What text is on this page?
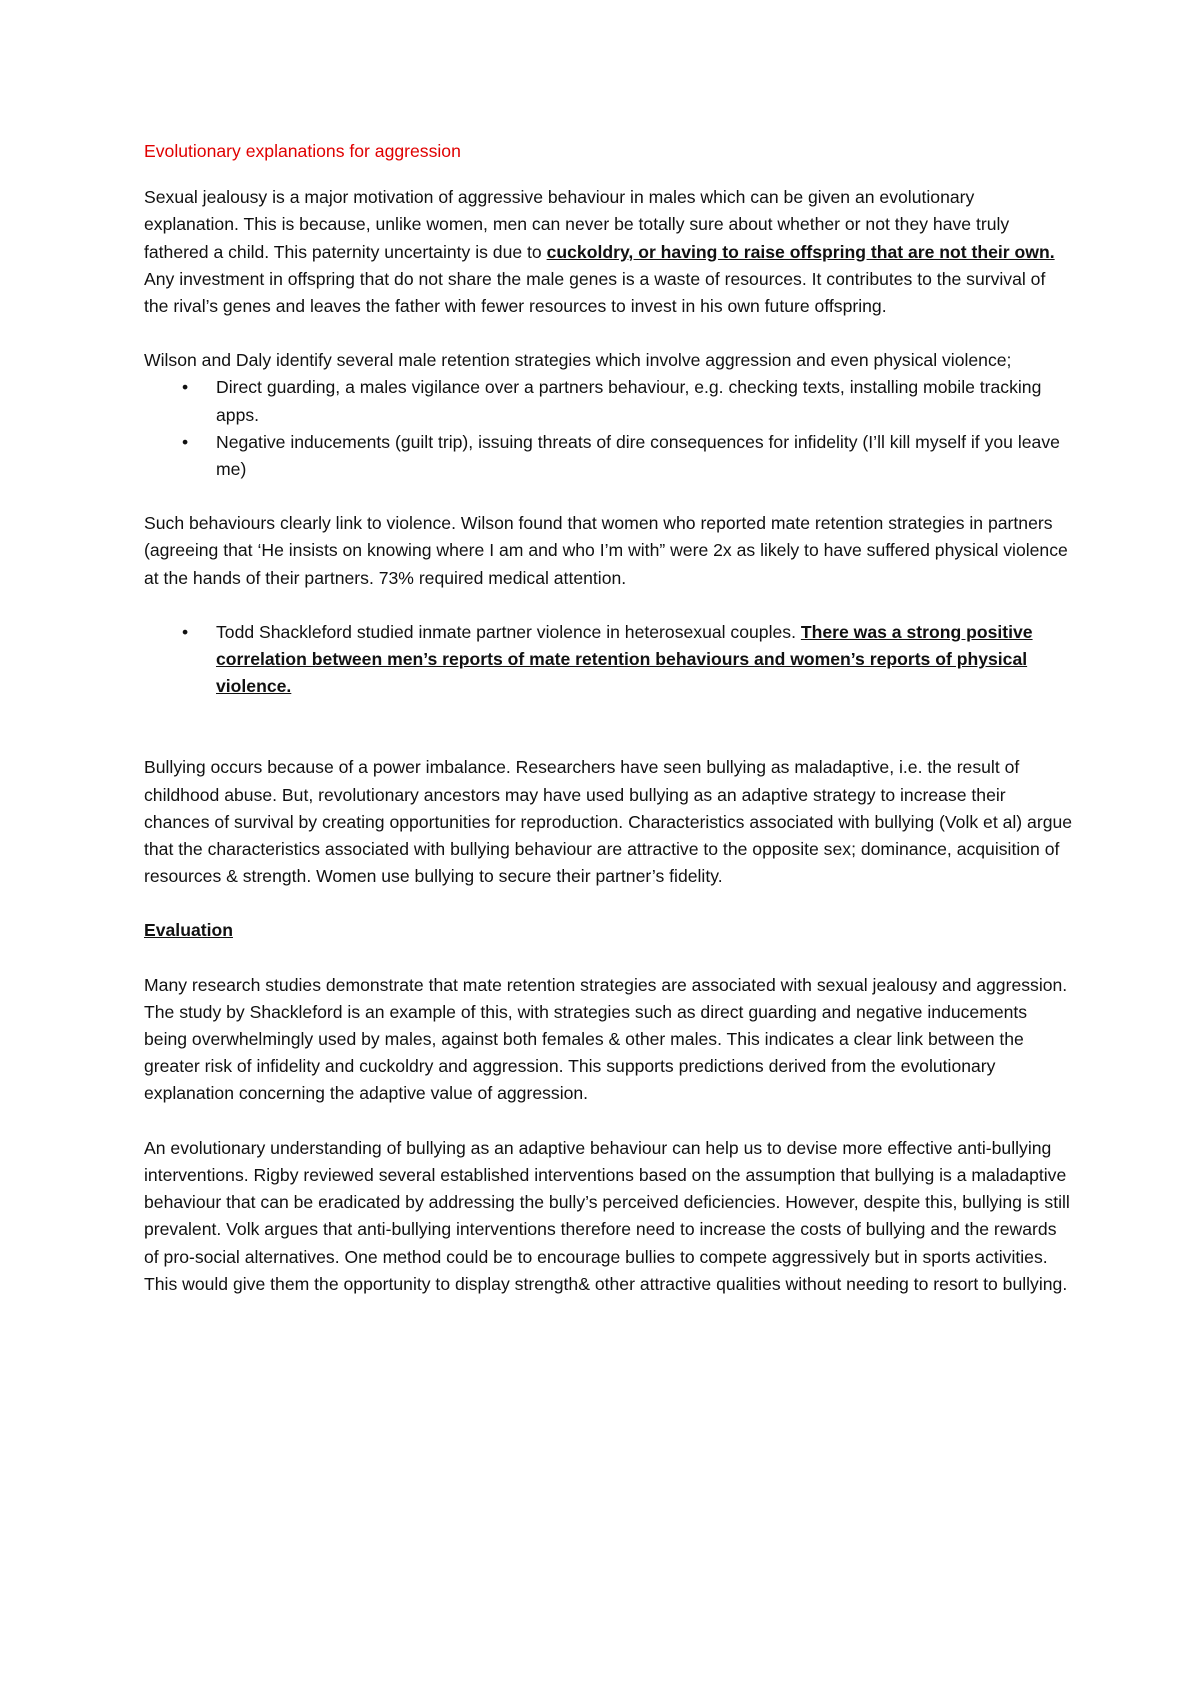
Evolutionary explanations for aggression

Sexual jealousy is a major motivation of aggressive behaviour in males which can be given an evolutionary explanation. This is because, unlike women, men can never be totally sure about whether or not they have truly fathered a child. This paternity uncertainty is due to cuckoldry, or having to raise offspring that are not their own. Any investment in offspring that do not share the male genes is a waste of resources. It contributes to the survival of the rival’s genes and leaves the father with fewer resources to invest in his own future offspring.

Wilson and Daly identify several male retention strategies which involve aggression and even physical violence;
• Direct guarding, a males vigilance over a partners behaviour, e.g. checking texts, installing mobile tracking apps.
• Negative inducements (guilt trip), issuing threats of dire consequences for infidelity (I’ll kill myself if you leave me)

Such behaviours clearly link to violence. Wilson found that women who reported mate retention strategies in partners (agreeing that ‘He insists on knowing where I am and who I’m with” were 2x as likely to have suffered physical violence at the hands of their partners. 73% required medical attention.

• Todd Shackleford studied inmate partner violence in heterosexual couples. There was a strong positive correlation between men’s reports of mate retention behaviours and women’s reports of physical violence.

Bullying occurs because of a power imbalance. Researchers have seen bullying as maladaptive, i.e. the result of childhood abuse. But, revolutionary ancestors may have used bullying as an adaptive strategy to increase their chances of survival by creating opportunities for reproduction. Characteristics associated with bullying (Volk et al) argue that the characteristics associated with bullying behaviour are attractive to the opposite sex; dominance, acquisition of resources & strength. Women use bullying to secure their partner’s fidelity.

Evaluation

Many research studies demonstrate that mate retention strategies are associated with sexual jealousy and aggression. The study by Shackleford is an example of this, with strategies such as direct guarding and negative inducements being overwhelmingly used by males, against both females & other males. This indicates a clear link between the greater risk of infidelity and cuckoldry and aggression. This supports predictions derived from the evolutionary explanation concerning the adaptive value of aggression.

An evolutionary understanding of bullying as an adaptive behaviour can help us to devise more effective anti-bullying interventions. Rigby reviewed several established interventions based on the assumption that bullying is a maladaptive behaviour that can be eradicated by addressing the bully’s perceived deficiencies. However, despite this, bullying is still prevalent. Volk argues that anti-bullying interventions therefore need to increase the costs of bullying and the rewards of pro-social alternatives. One method could be to encourage bullies to compete aggressively but in sports activities. This would give them the opportunity to display strength& other attractive qualities without needing to resort to bullying.
